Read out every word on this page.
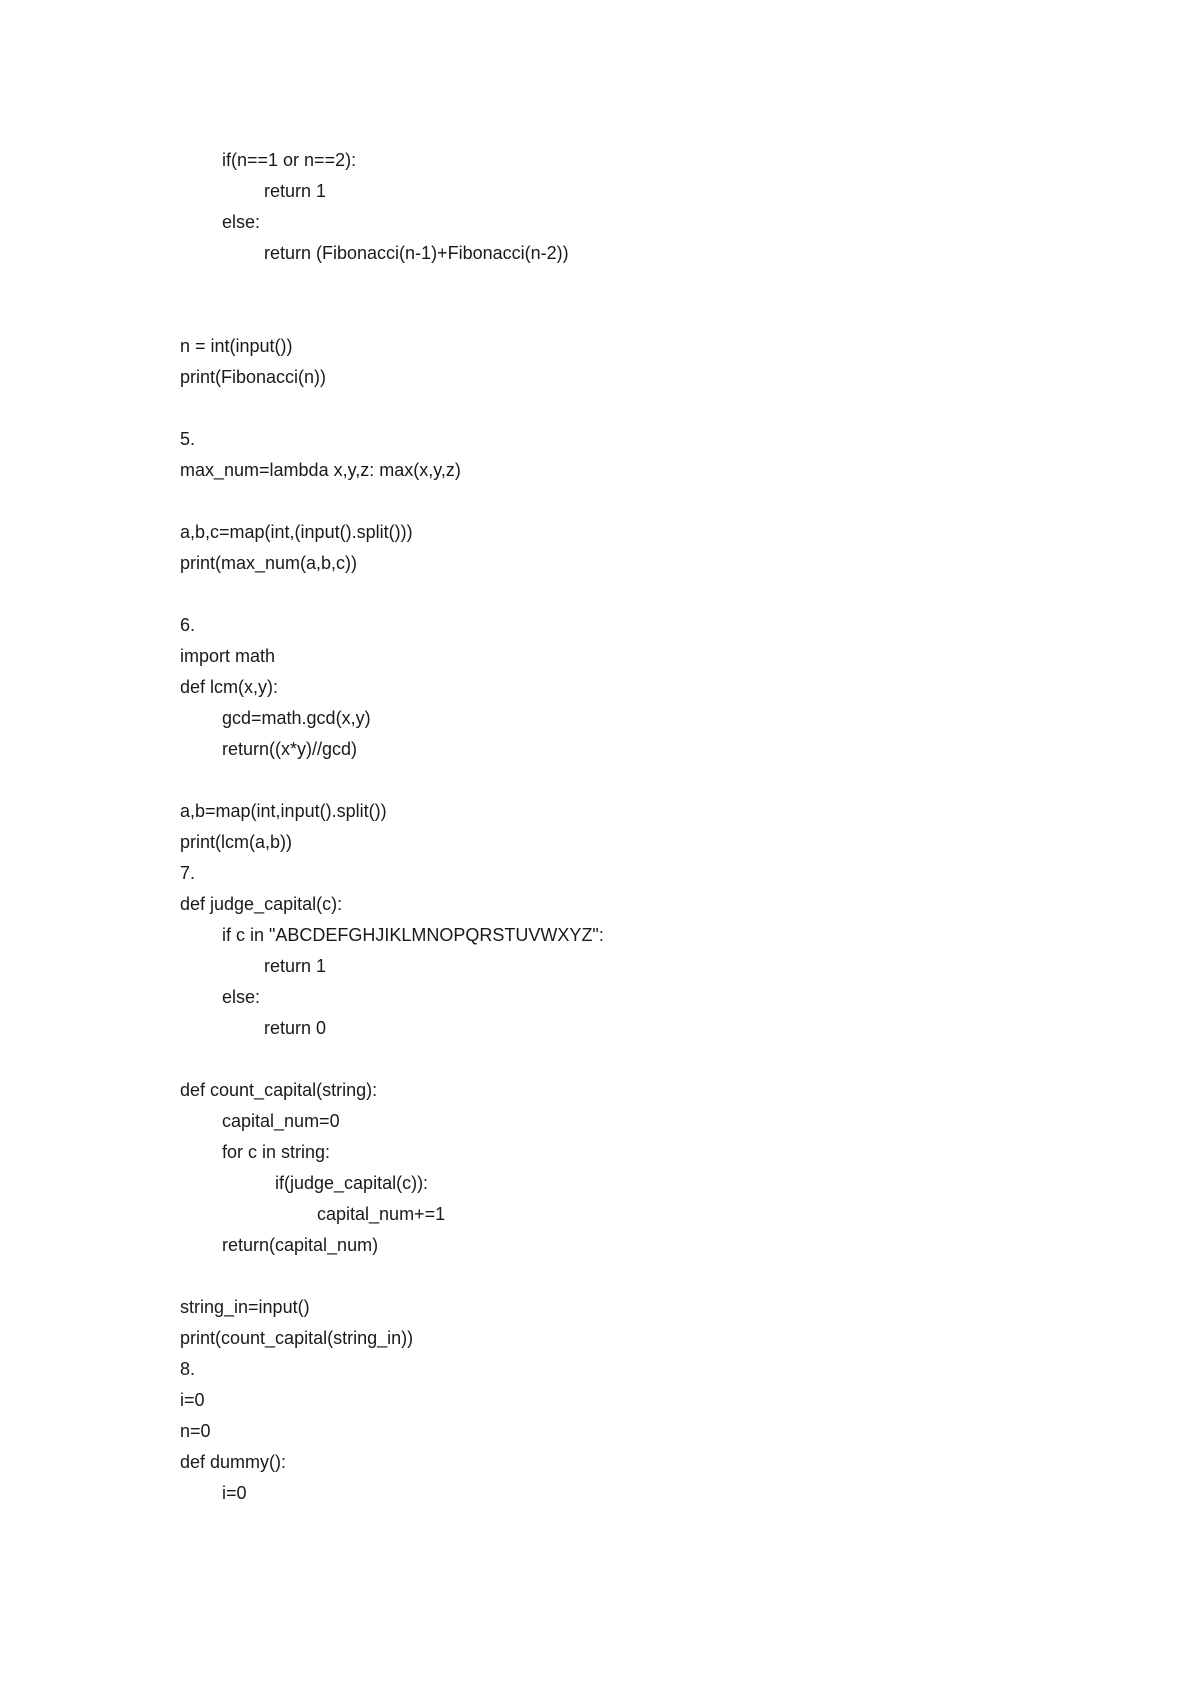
if(n==1 or n==2):
return 1
else:
return (Fibonacci(n-1)+Fibonacci(n-2))
n = int(input())
print(Fibonacci(n))
5.
max_num=lambda x,y,z: max(x,y,z)
a,b,c=map(int,(input().split()))
print(max_num(a,b,c))
6.
import math
def lcm(x,y):
gcd=math.gcd(x,y)
return((x*y)//gcd)
a,b=map(int,input().split())
print(lcm(a,b))
7.
def judge_capital(c):
if c in "ABCDEFGHJIKLMNOPQRSTUVWXYZ":
return 1
else:
return 0
def count_capital(string):
capital_num=0
for c in string:
if(judge_capital(c)):
capital_num+=1
return(capital_num)
string_in=input()
print(count_capital(string_in))
8.
i=0
n=0
def dummy():
i=0
